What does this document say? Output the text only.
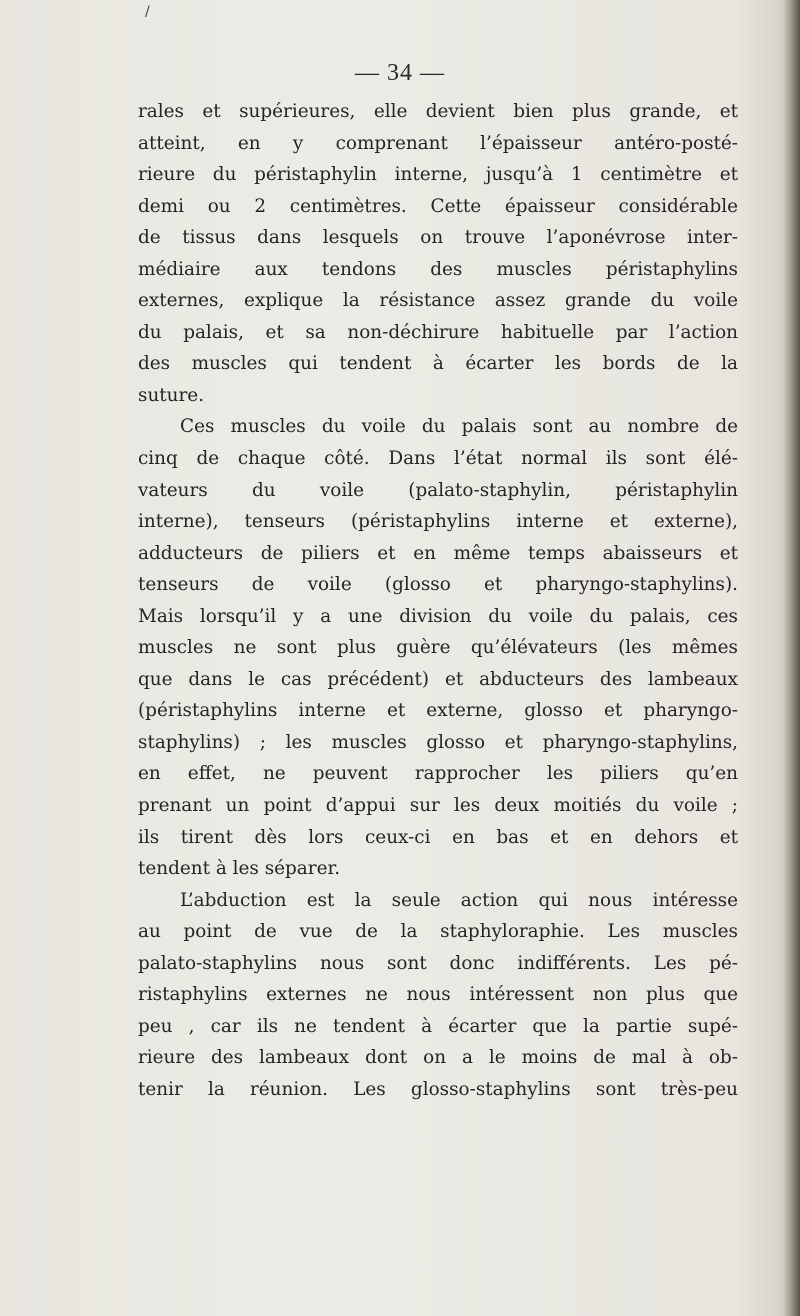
/
— 34 —
rales et supérieures, elle devient bien plus grande, et
atteint, en y comprenant l’épaisseur antéro-posté-
rieure du péristaphylin interne, jusqu’à 1 centimètre et
demi ou 2 centimètres. Cette épaisseur considérable
de tissus dans lesquels on trouve l’aponévrose inter-
médiaire aux tendons des muscles péristaphylins
externes, explique la résistance assez grande du voile
du palais, et sa non-déchirure habituelle par l’action
des muscles qui tendent à écarter les bords de la
suture.
Ces muscles du voile du palais sont au nombre de
cinq de chaque côté. Dans l’état normal ils sont élé-
vateurs du voile (palato-staphylin, péristaphylin
interne), tenseurs (péristaphylins interne et externe),
adducteurs de piliers et en même temps abaisseurs et
tenseurs de voile (glosso et pharyngo-staphylins).
Mais lorsqu’il y a une division du voile du palais, ces
muscles ne sont plus guère qu’élévateurs (les mêmes
que dans le cas précédent) et abducteurs des lambeaux
(péristaphylins interne et externe, glosso et pharyngo-
staphylins) ; les muscles glosso et pharyngo-staphylins,
en effet, ne peuvent rapprocher les piliers qu’en
prenant un point d’appui sur les deux moitiés du voile ;
ils tirent dès lors ceux-ci en bas et en dehors et
tendent à les séparer.
L’abduction est la seule action qui nous intéresse
au point de vue de la staphyloraphie. Les muscles
palato-staphylins nous sont donc indifférents. Les pé-
ristaphylins externes ne nous intéressent non plus que
peu , car ils ne tendent à écarter que la partie supé-
rieure des lambeaux dont on a le moins de mal à ob-
tenir la réunion. Les glosso-staphylins sont très-peu
